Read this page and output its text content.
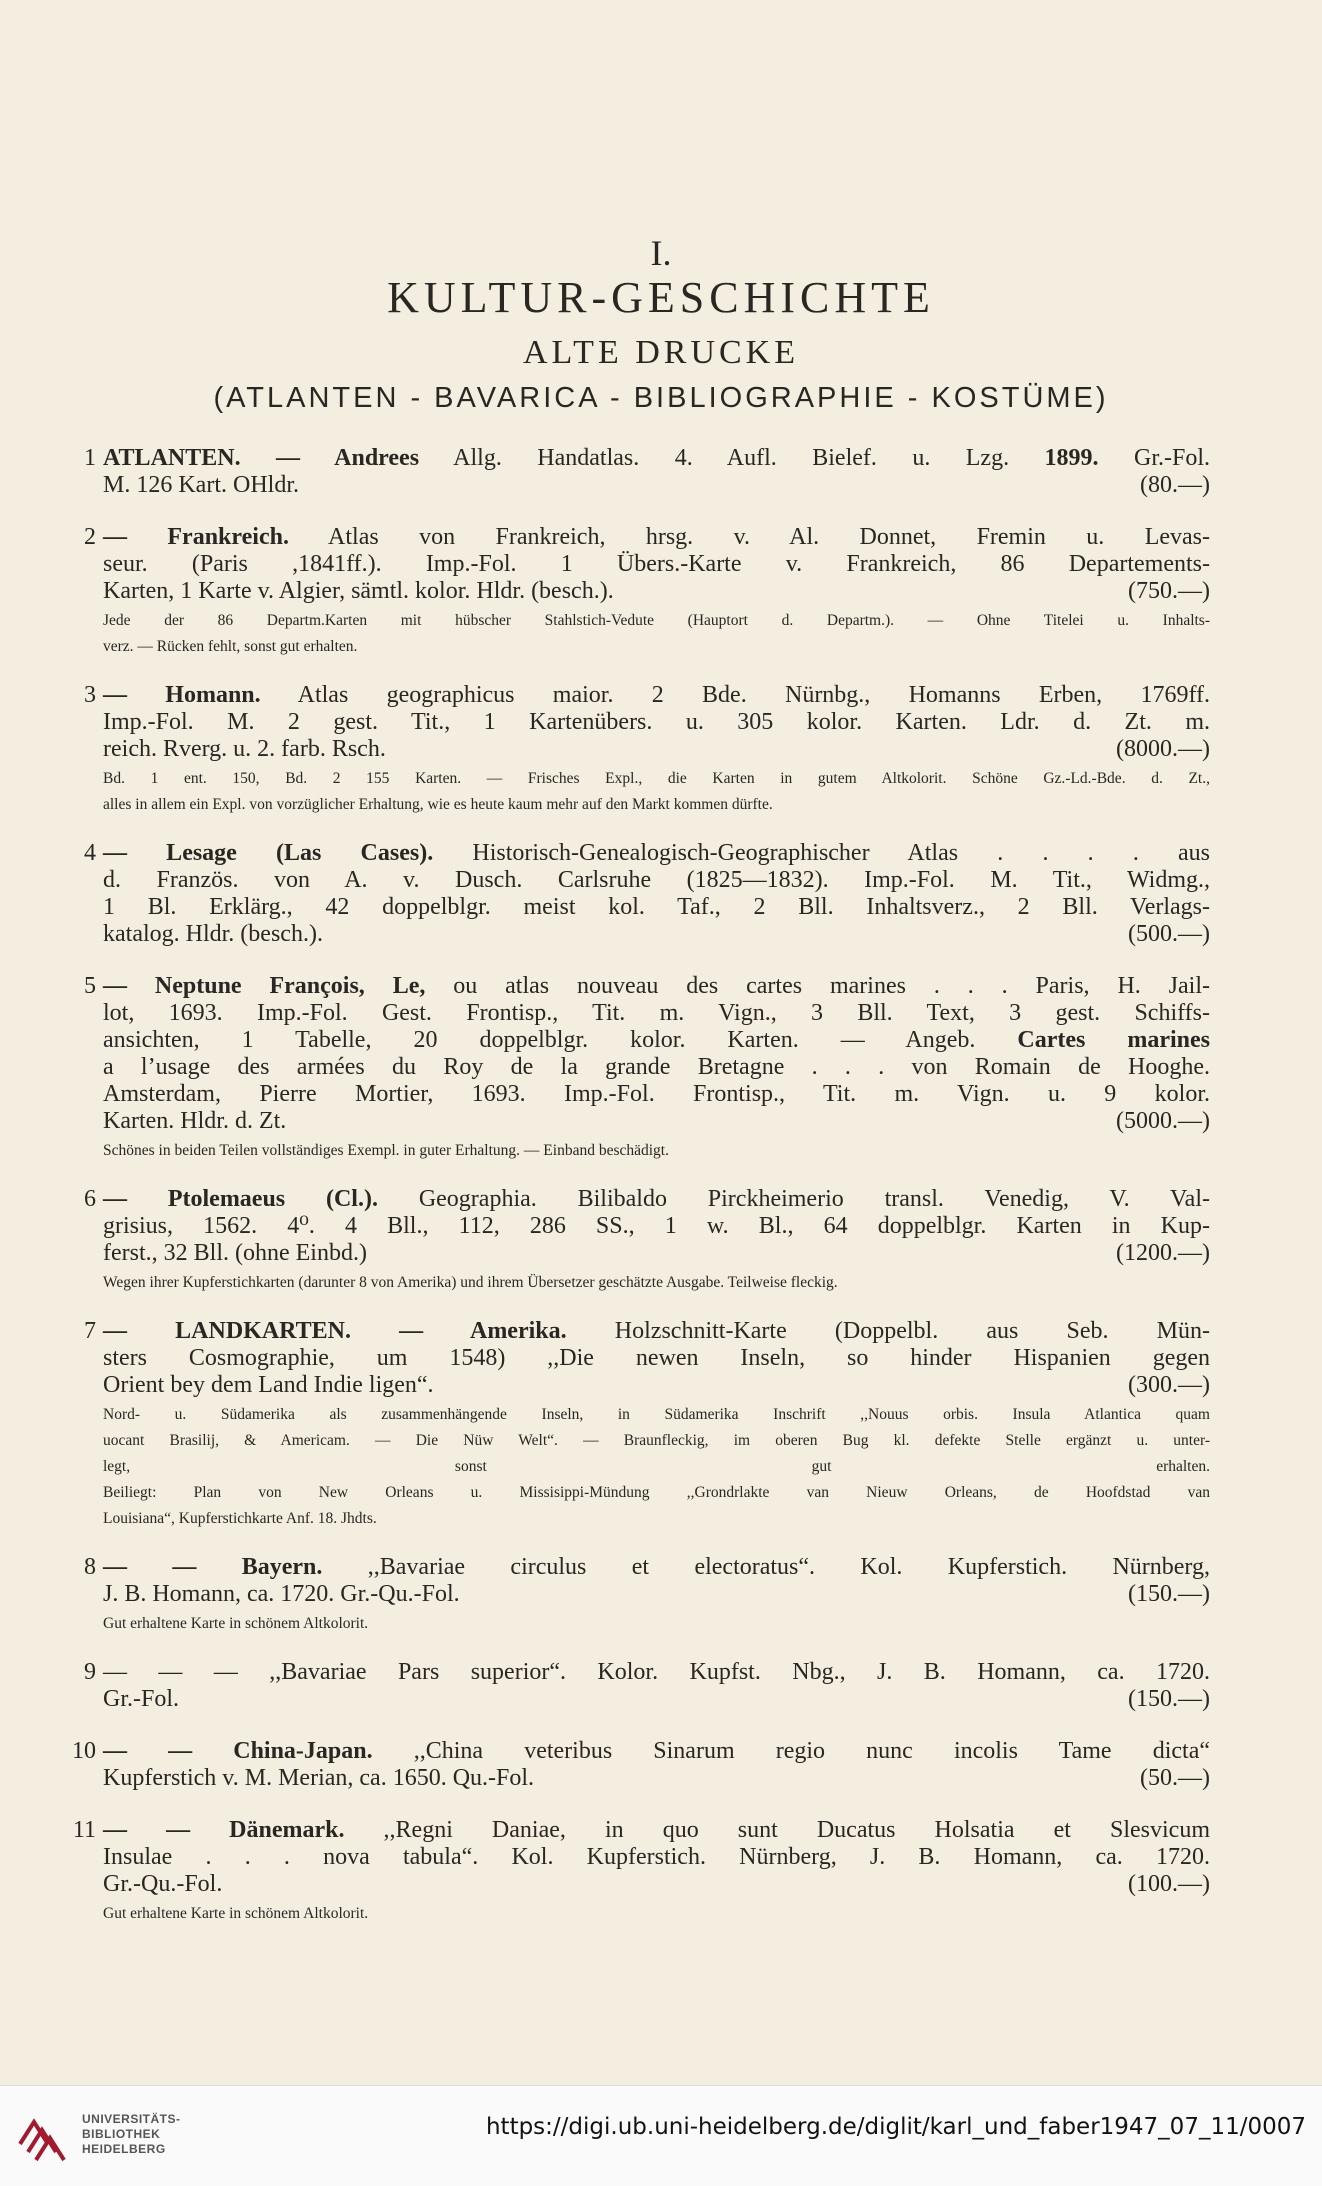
I.
KULTUR-GESCHICHTE
ALTE DRUCKE
(ATLANTEN - BAVARICA - BIBLIOGRAPHIE - KOSTÜME)
1 ATLANTEN. — Andrees Allg. Handatlas. 4. Aufl. Bielef. u. Lzg. 1899. Gr.-Fol.
M. 126 Kart. OHldr.	(80.—)
2 — Frankreich. Atlas von Frankreich, hrsg. v. Al. Donnet, Fremin u. Levas-
seur. (Paris ,1841ff.). Imp.-Fol. 1 Übers.-Karte v. Frankreich, 86 Departements-
Karten, 1 Karte v. Algier, sämtl. kolor. Hldr. (besch.).	(750.—)
Jede der 86 Departm.Karten mit hübscher Stahlstich-Vedute (Hauptort d. Departm.). — Ohne Titelei u. Inhalts-
verz. — Rücken fehlt, sonst gut erhalten.
3 — Homann. Atlas geographicus maior. 2 Bde. Nürnbg., Homanns Erben, 1769ff.
Imp.-Fol. M. 2 gest. Tit., 1 Kartenübers. u. 305 kolor. Karten. Ldr. d. Zt. m.
reich. Rverg. u. 2. farb. Rsch.	(8000.—)
Bd. 1 ent. 150, Bd. 2 155 Karten. — Frisches Expl., die Karten in gutem Altkolorit. Schöne Gz.-Ld.-Bde. d. Zt.,
alles in allem ein Expl. von vorzüglicher Erhaltung, wie es heute kaum mehr auf den Markt kommen dürfte.
4 — Lesage (Las Cases). Historisch-Genealogisch-Geographischer Atlas . . . . aus
d. Französ. von A. v. Dusch. Carlsruhe (1825—1832). Imp.-Fol. M. Tit., Widmg.,
1 Bl. Erklärg., 42 doppelblgr. meist kol. Taf., 2 Bll. Inhaltsverz., 2 Bll. Verlags-
katalog. Hldr. (besch.).	(500.—)
5 — Neptune François, Le, ou atlas nouveau des cartes marines . . . Paris, H. Jail-
lot, 1693. Imp.-Fol. Gest. Frontisp., Tit. m. Vign., 3 Bll. Text, 3 gest. Schiffs-
ansichten, 1 Tabelle, 20 doppelblgr. kolor. Karten. — Angeb. Cartes marines
a l’usage des armées du Roy de la grande Bretagne . . . von Romain de Hooghe.
Amsterdam, Pierre Mortier, 1693. Imp.-Fol. Frontisp., Tit. m. Vign. u. 9 kolor.
Karten. Hldr. d. Zt.	(5000.—)
Schönes in beiden Teilen vollständiges Exempl. in guter Erhaltung. — Einband beschädigt.
6 — Ptolemaeus (Cl.). Geographia. Bilibaldo Pirckheimerio transl. Venedig, V. Val-
grisius, 1562. 4⁰. 4 Bll., 112, 286 SS., 1 w. Bl., 64 doppelblgr. Karten in Kup-
ferst., 32 Bll. (ohne Einbd.)	(1200.—)
Wegen ihrer Kupferstichkarten (darunter 8 von Amerika) und ihrem Übersetzer geschätzte Ausgabe. Teilweise fleckig.
7 — LANDKARTEN. — Amerika. Holzschnitt-Karte (Doppelbl. aus Seb. Mün-
sters Cosmographie, um 1548) ,,Die newen Inseln, so hinder Hispanien gegen
Orient bey dem Land Indie ligen“.	(300.—)
Nord- u. Südamerika als zusammenhängende Inseln, in Südamerika Inschrift ,,Nouus orbis. Insula Atlantica quam
uocant Brasilij, & Americam. — Die Nüw Welt“. — Braunfleckig, im oberen Bug kl. defekte Stelle ergänzt u. unter-
legt, sonst gut erhalten.
Beiliegt: Plan von New Orleans u. Missisippi-Mündung ,,Grondrlakte van Nieuw Orleans, de Hoofdstad van
Louisiana“, Kupferstichkarte Anf. 18. Jhdts.
8 — — Bayern. ,,Bavariae circulus et electoratus“. Kol. Kupferstich. Nürnberg,
J. B. Homann, ca. 1720. Gr.-Qu.-Fol.	(150.—)
Gut erhaltene Karte in schönem Altkolorit.
9 — — — ,,Bavariae Pars superior“. Kolor. Kupfst. Nbg., J. B. Homann, ca. 1720.
Gr.-Fol.	(150.—)
10 — — China-Japan. ,,China veteribus Sinarum regio nunc incolis Tame dicta“
Kupferstich v. M. Merian, ca. 1650. Qu.-Fol.	(50.—)
11 — — Dänemark. ,,Regni Daniae, in quo sunt Ducatus Holsatia et Slesvicum
Insulae . . . nova tabula“. Kol. Kupferstich. Nürnberg, J. B. Homann, ca. 1720.
Gr.-Qu.-Fol.	(100.—)
Gut erhaltene Karte in schönem Altkolorit.
UNIVERSITÄTS-
BIBLIOTHEK
HEIDELBERG
https://digi.ub.uni-heidelberg.de/diglit/karl_und_faber1947_07_11/0007
